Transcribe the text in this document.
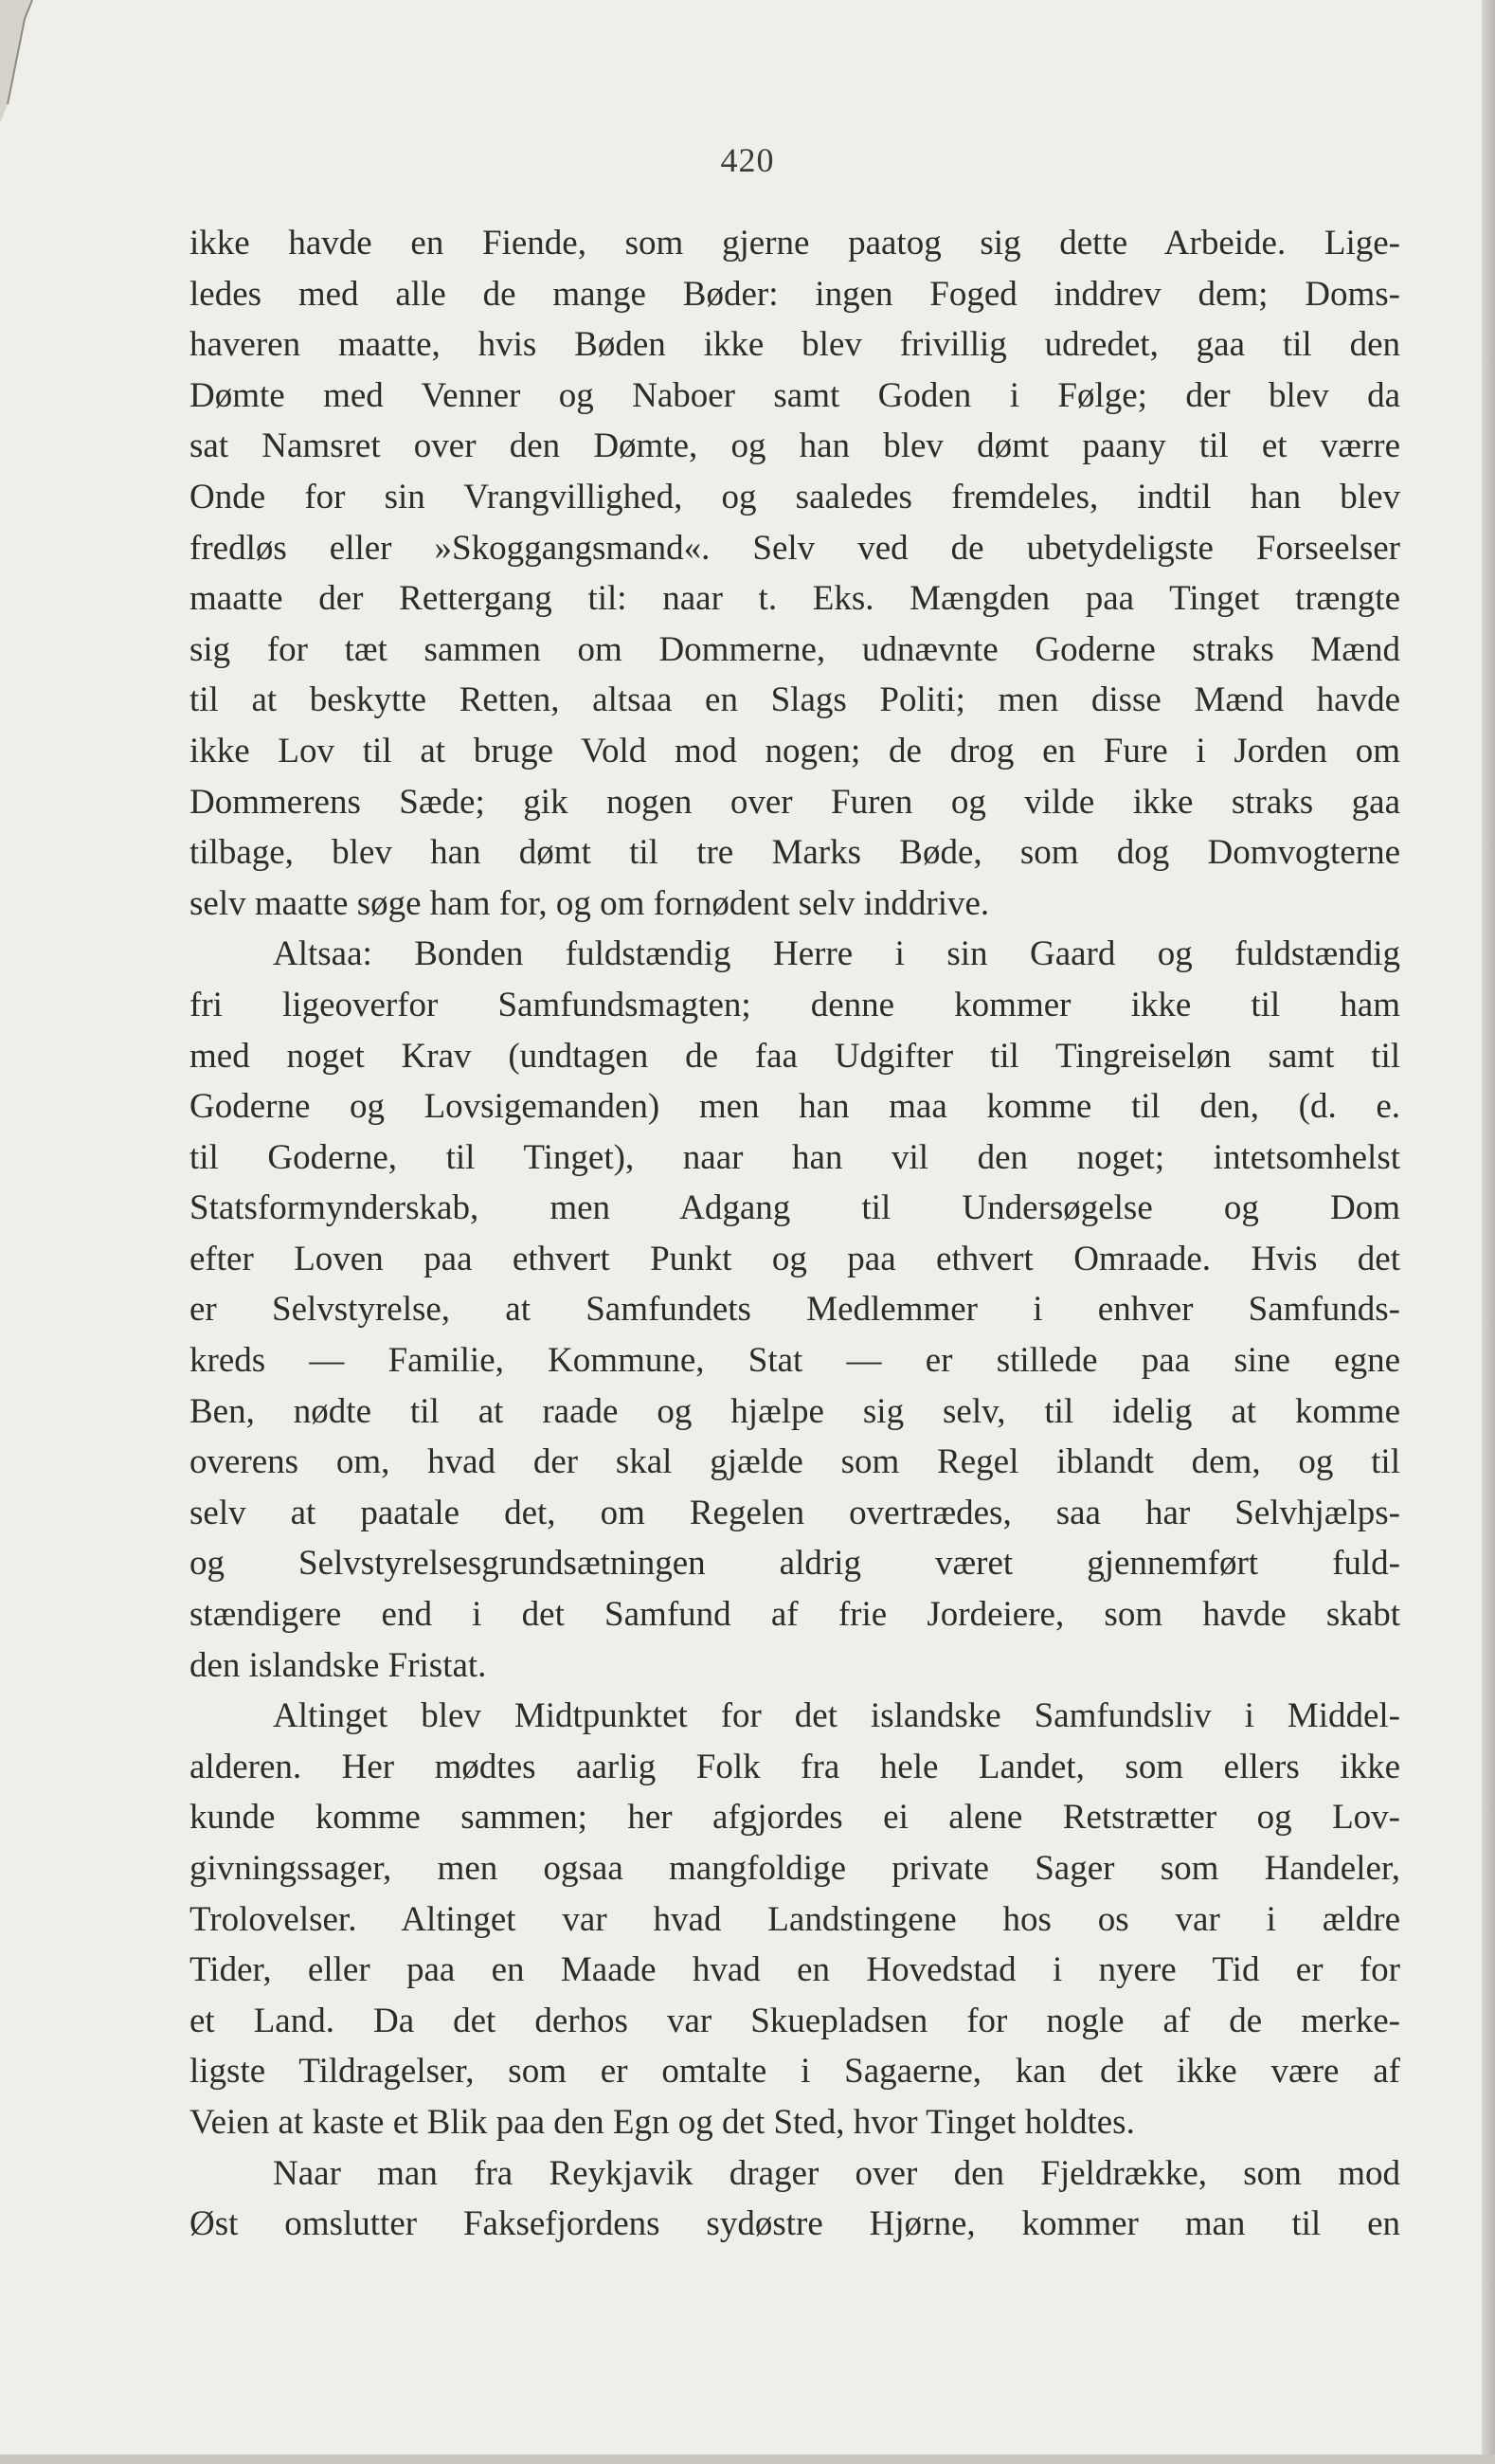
420
ikke havde en Fiende, som gjerne paatog sig dette Arbeide. Lige-
ledes med alle de mange Bøder: ingen Foged inddrev dem; Doms-
haveren maatte, hvis Bøden ikke blev frivillig udredet, gaa til den
Dømte med Venner og Naboer samt Goden i Følge; der blev da
sat Namsret over den Dømte, og han blev dømt paany til et værre
Onde for sin Vrangvillighed, og saaledes fremdeles, indtil han blev
fredløs eller »Skoggangsmand«. Selv ved de ubetydeligste Forseelser
maatte der Rettergang til: naar t. Eks. Mængden paa Tinget trængte
sig for tæt sammen om Dommerne, udnævnte Goderne straks Mænd
til at beskytte Retten, altsaa en Slags Politi; men disse Mænd havde
ikke Lov til at bruge Vold mod nogen; de drog en Fure i Jorden om
Dommerens Sæde; gik nogen over Furen og vilde ikke straks gaa
tilbage, blev han dømt til tre Marks Bøde, som dog Domvogterne
selv maatte søge ham for, og om fornødent selv inddrive.
Altsaa: Bonden fuldstændig Herre i sin Gaard og fuldstændig
fri ligeoverfor Samfundsmagten; denne kommer ikke til ham
med noget Krav (undtagen de faa Udgifter til Tingreiseløn samt til
Goderne og Lovsigemanden) men han maa komme til den, (d. e.
til Goderne, til Tinget), naar han vil den noget; intetsomhelst
Statsformynderskab, men Adgang til Undersøgelse og Dom
efter Loven paa ethvert Punkt og paa ethvert Omraade. Hvis det
er Selvstyrelse, at Samfundets Medlemmer i enhver Samfunds-
kreds — Familie, Kommune, Stat — er stillede paa sine egne
Ben, nødte til at raade og hjælpe sig selv, til idelig at komme
overens om, hvad der skal gjælde som Regel iblandt dem, og til
selv at paatale det, om Regelen overtrædes, saa har Selvhjælps-
og Selvstyrelsesgrundsætningen aldrig været gjennemført fuld-
stændigere end i det Samfund af frie Jordeiere, som havde skabt
den islandske Fristat.
Altinget blev Midtpunktet for det islandske Samfundsliv i Middel-
alderen. Her mødtes aarlig Folk fra hele Landet, som ellers ikke
kunde komme sammen; her afgjordes ei alene Retstrætter og Lov-
givningssager, men ogsaa mangfoldige private Sager som Handeler,
Trolovelser. Altinget var hvad Landstingene hos os var i ældre
Tider, eller paa en Maade hvad en Hovedstad i nyere Tid er for
et Land. Da det derhos var Skuepladsen for nogle af de merke-
ligste Tildragelser, som er omtalte i Sagaerne, kan det ikke være af
Veien at kaste et Blik paa den Egn og det Sted, hvor Tinget holdtes.
Naar man fra Reykjavik drager over den Fjeldrække, som mod
Øst omslutter Faksefjordens sydøstre Hjørne, kommer man til en
